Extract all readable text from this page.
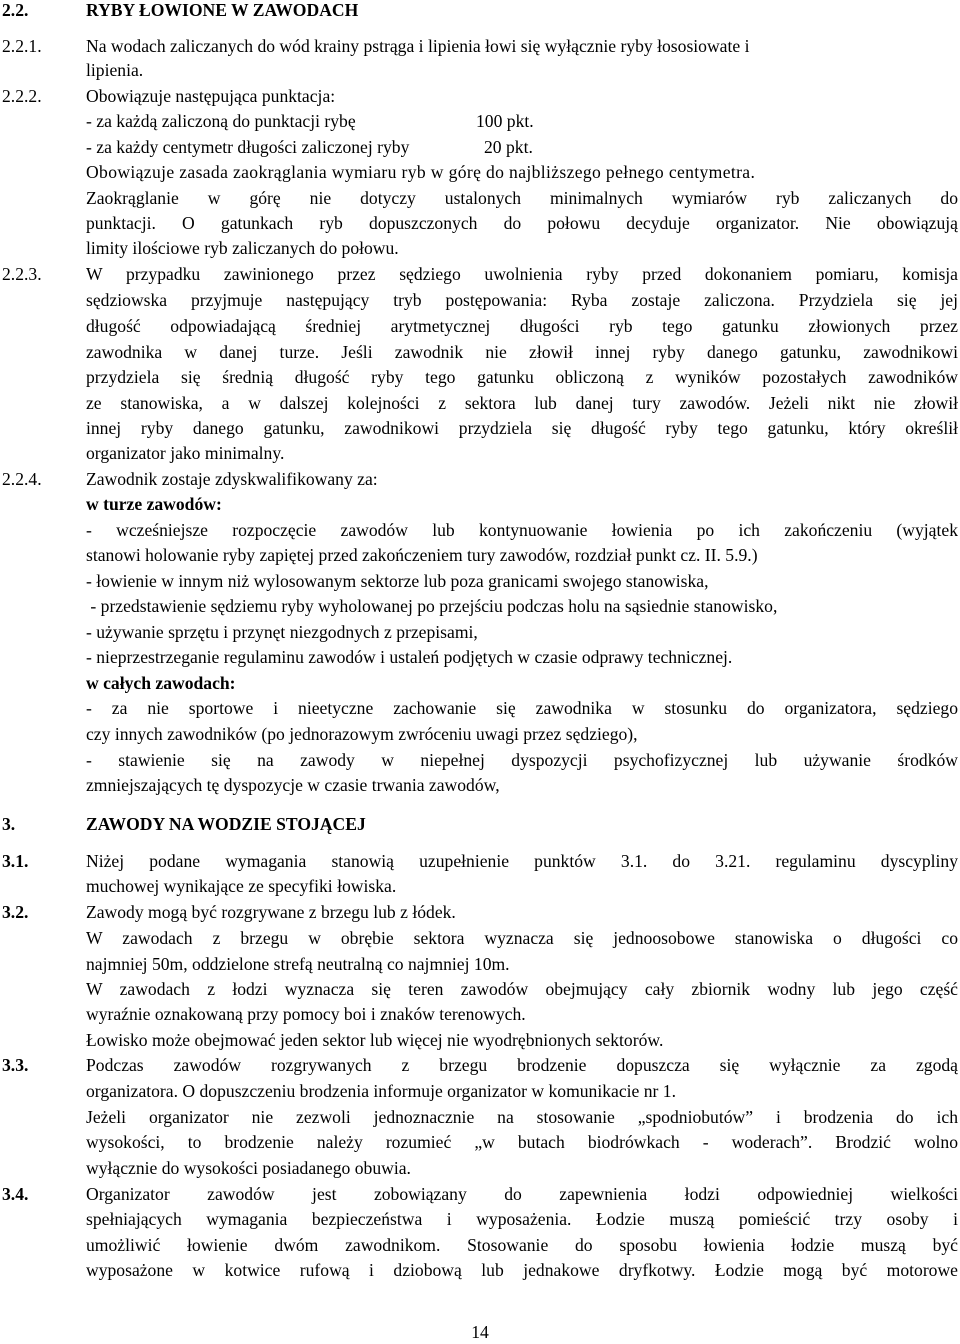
2.2.	RYBY ŁOWIONE W ZAWODACH
2.2.1.	Na wodach zaliczanych do wód krainy pstrąga i lipienia łowi się wyłącznie ryby łososiowate i
lipienia.
2.2.2.	Obowiązuje następująca punktacja:
- za każdą zaliczoną do punktacji rybę	100 pkt.
- za każdy centymetr długości zaliczonej ryby	20 pkt.
Obowiązuje zasada zaokrąglania wymiaru ryb w górę do najbliższego pełnego centymetra.
Zaokrąglanie w górę nie dotyczy ustalonych minimalnych wymiarów ryb zaliczanych do
punktacji. O gatunkach ryb dopuszczonych do połowu decyduje organizator. Nie obowiązują
limity ilościowe ryb zaliczanych do połowu.
2.2.3.	W przypadku zawinionego przez sędziego uwolnienia ryby przed dokonaniem pomiaru, komisja
sędziowska przyjmuje następujący tryb postępowania: Ryba zostaje zaliczona. Przydziela się jej
długość odpowiadającą średniej arytmetycznej długości ryb tego gatunku złowionych przez
zawodnika w danej turze. Jeśli zawodnik nie złowił innej ryby danego gatunku, zawodnikowi
przydziela się średnią długość ryby tego gatunku obliczoną z wyników pozostałych zawodników
ze stanowiska, a w dalszej kolejności z sektora lub danej tury zawodów. Jeżeli nikt nie złowił
innej ryby danego gatunku, zawodnikowi przydziela się długość ryby tego gatunku, który określił
organizator jako minimalny.
2.2.4.	Zawodnik zostaje zdyskwalifikowany za:
w turze zawodów:
- wcześniejsze rozpoczęcie zawodów lub kontynuowanie łowienia po ich zakończeniu (wyjątek
stanowi holowanie ryby zapiętej przed zakończeniem tury zawodów, rozdział punkt cz. II. 5.9.)
- łowienie w innym niż wylosowanym sektorze lub poza granicami swojego stanowiska,
- przedstawienie sędziemu ryby wyholowanej po przejściu podczas holu na sąsiednie stanowisko,
- używanie sprzętu i przynęt niezgodnych z przepisami,
- nieprzestrzeganie regulaminu zawodów i ustaleń podjętych w czasie odprawy technicznej.
w całych zawodach:
- za nie sportowe i nieetyczne zachowanie się zawodnika w stosunku do organizatora, sędziego
czy innych zawodników (po jednorazowym zwróceniu uwagi przez sędziego),
- stawienie się na zawody w niepełnej dyspozycji psychofizycznej lub używanie środków
zmniejszających tę dyspozycje w czasie trwania zawodów,
3.	ZAWODY NA WODZIE STOJĄCEJ
3.1.	Niżej podane wymagania stanowią uzupełnienie punktów 3.1. do 3.21. regulaminu dyscypliny
muchowej wynikające ze specyfiki łowiska.
3.2.	Zawody mogą być rozgrywane z brzegu lub z łódek.
W zawodach z brzegu w obrębie sektora wyznacza się jednoosobowe stanowiska o długości co
najmniej 50m, oddzielone strefą neutralną co najmniej 10m.
W zawodach z łodzi wyznacza się teren zawodów obejmujący cały zbiornik wodny lub jego część
wyraźnie oznakowaną przy pomocy boi i znaków terenowych.
Łowisko może obejmować jeden sektor lub więcej nie wyodrębnionych sektorów.
3.3.	Podczas zawodów rozgrywanych z brzegu brodzenie dopuszcza się wyłącznie za zgodą
organizatora. O dopuszczeniu brodzenia informuje organizator w komunikacie nr 1.
Jeżeli organizator nie zezwoli jednoznacznie na stosowanie „spodniobutów” i brodzenia do ich
wysokości, to brodzenie należy rozumieć „w butach biodrówkach - woderach”. Brodzić wolno
wyłącznie do wysokości posiadanego obuwia.
3.4.	Organizator zawodów jest zobowiązany do zapewnienia łodzi odpowiedniej wielkości
spełniających wymagania bezpieczeństwa i wyposażenia. Łodzie muszą pomieścić trzy osoby i
umożliwić łowienie dwóm zawodnikom. Stosowanie do sposobu łowienia łodzie muszą być
wyposażone w kotwice rufową i dziobową lub jednakowe dryfkotwy. Łodzie mogą być motorowe
14
